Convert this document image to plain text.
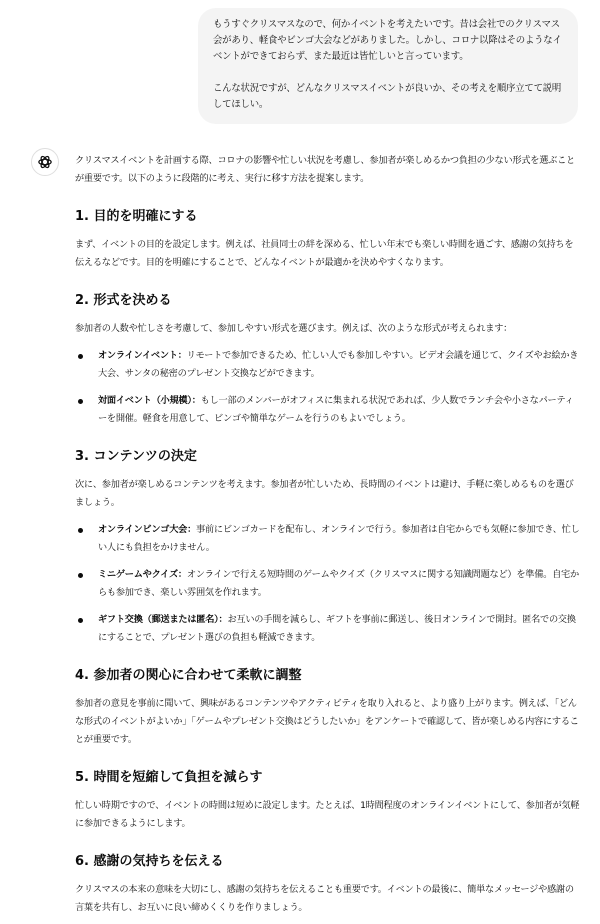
もうすぐクリスマスなので、何かイベントを考えたいです。昔は会社でのクリスマス会があり、軽食やビンゴ大会などがありました。しかし、コロナ以降はそのようなイベントができておらず、また最近は皆忙しいと言っています。

こんな状況ですが、どんなクリスマスイベントが良いか、その考えを順序立てて説明してほしい。

クリスマスイベントを計画する際、コロナの影響や忙しい状況を考慮し、参加者が楽しめるかつ負担の少ない形式を選ぶことが重要です。以下のように段階的に考え、実行に移す方法を提案します。

1. 目的を明確にする

まず、イベントの目的を設定します。例えば、社員同士の絆を深める、忙しい年末でも楽しい時間を過ごす、感謝の気持ちを伝えるなどです。目的を明確にすることで、どんなイベントが最適かを決めやすくなります。

2. 形式を決める

参加者の人数や忙しさを考慮して、参加しやすい形式を選びます。例えば、次のような形式が考えられます：

オンラインイベント：リモートで参加できるため、忙しい人でも参加しやすい。ビデオ会議を通じて、クイズやお絵かき大会、サンタの秘密のプレゼント交換などができます。
対面イベント（小規模）：もし一部のメンバーがオフィスに集まれる状況であれば、少人数でランチ会や小さなパーティーを開催。軽食を用意して、ビンゴや簡単なゲームを行うのもよいでしょう。
3. コンテンツの決定

次に、参加者が楽しめるコンテンツを考えます。参加者が忙しいため、長時間のイベントは避け、手軽に楽しめるものを選びましょう。

オンラインビンゴ大会：事前にビンゴカードを配布し、オンラインで行う。参加者は自宅からでも気軽に参加でき、忙しい人にも負担をかけません。
ミニゲームやクイズ：オンラインで行える短時間のゲームやクイズ（クリスマスに関する知識問題など）を準備。自宅からも参加でき、楽しい雰囲気を作れます。
ギフト交換（郵送または匿名）：お互いの手間を減らし、ギフトを事前に郵送し、後日オンラインで開封。匿名での交換にすることで、プレゼント選びの負担も軽減できます。
4. 参加者の関心に合わせて柔軟に調整

参加者の意見を事前に聞いて、興味があるコンテンツやアクティビティを取り入れると、より盛り上がります。例えば、「どんな形式のイベントがよいか」「ゲームやプレゼント交換はどうしたいか」をアンケートで確認して、皆が楽しめる内容にすることが重要です。

5. 時間を短縮して負担を減らす

忙しい時期ですので、イベントの時間は短めに設定します。たとえば、1時間程度のオンラインイベントにして、参加者が気軽に参加できるようにします。

6. 感謝の気持ちを伝える

クリスマスの本来の意味を大切にし、感謝の気持ちを伝えることも重要です。イベントの最後に、簡単なメッセージや感謝の言葉を共有し、お互いに良い締めくくりを作りましょう。
